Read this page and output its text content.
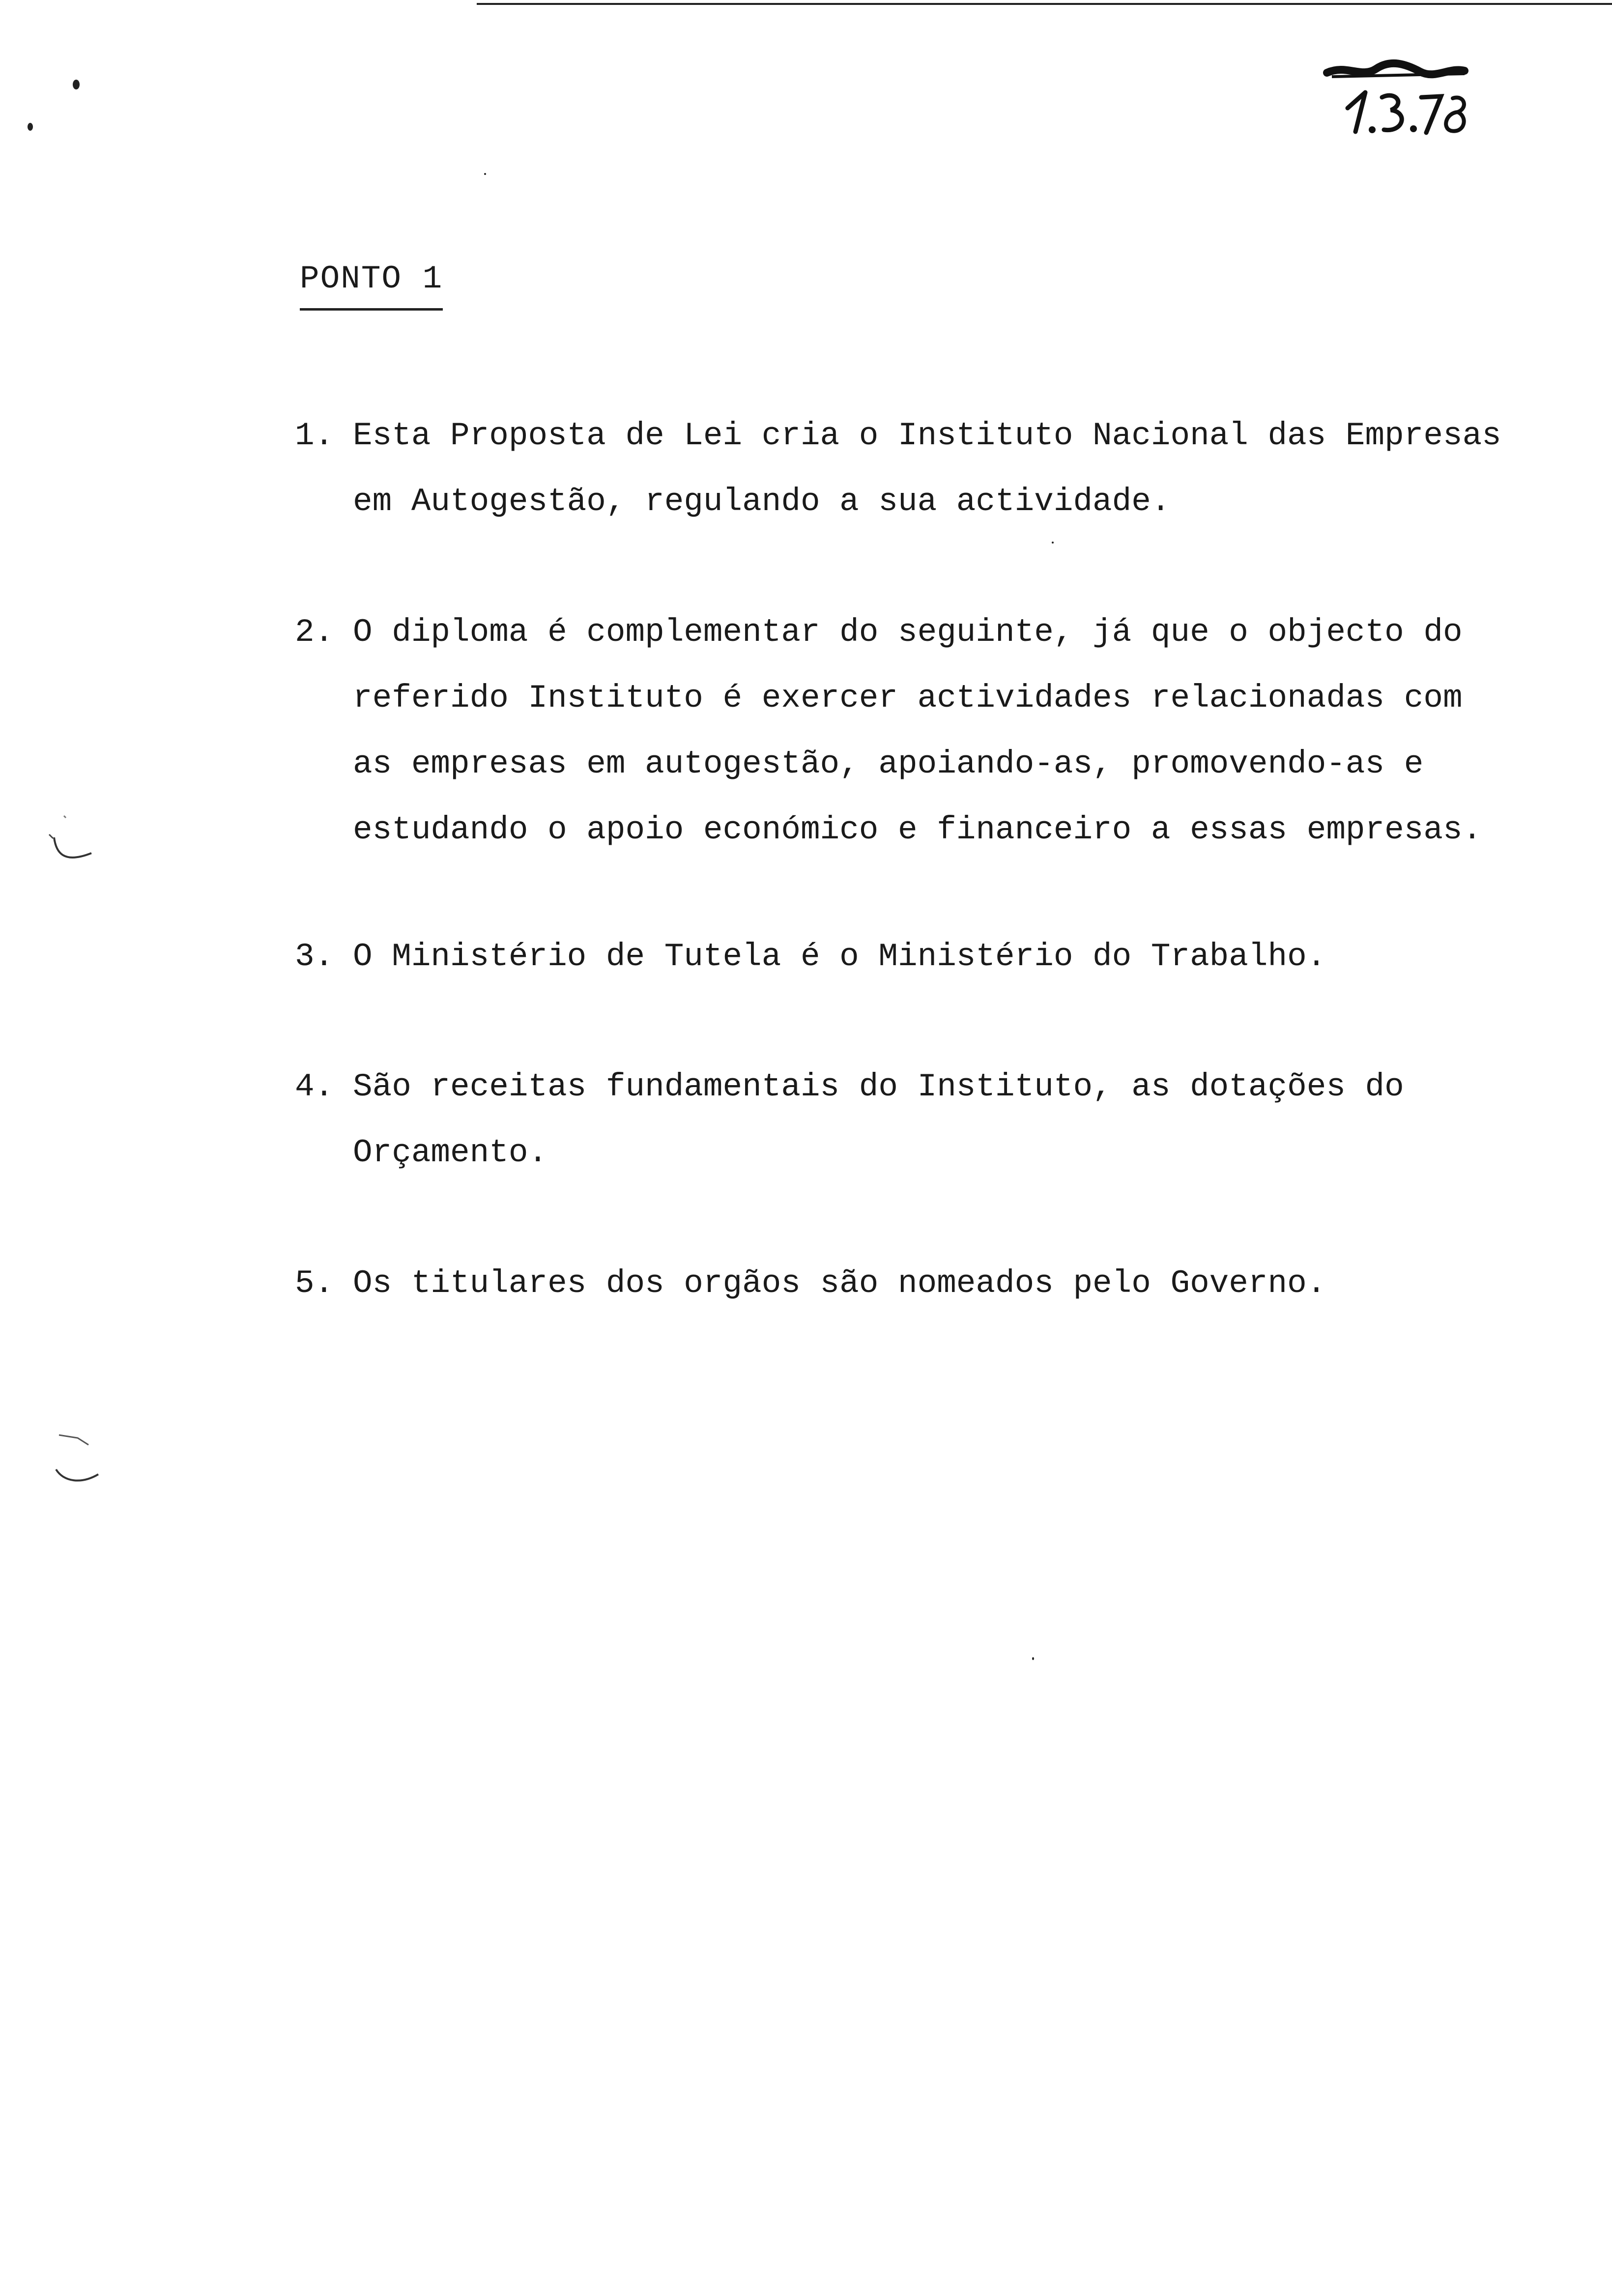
PONTO 1
1. Esta Proposta de Lei cria o Instituto Nacional das Empresas
em Autogestão, regulando a sua actividade.
2. O diploma é complementar do seguinte, já que o objecto do
referido Instituto é exercer actividades relacionadas com
as empresas em autogestão, apoiando-as, promovendo-as e
estudando o apoio económico e financeiro a essas empresas.
3. O Ministério de Tutela é o Ministério do Trabalho.
4. São receitas fundamentais do Instituto, as dotações do
Orçamento.
5. Os titulares dos orgãos são nomeados pelo Governo.
